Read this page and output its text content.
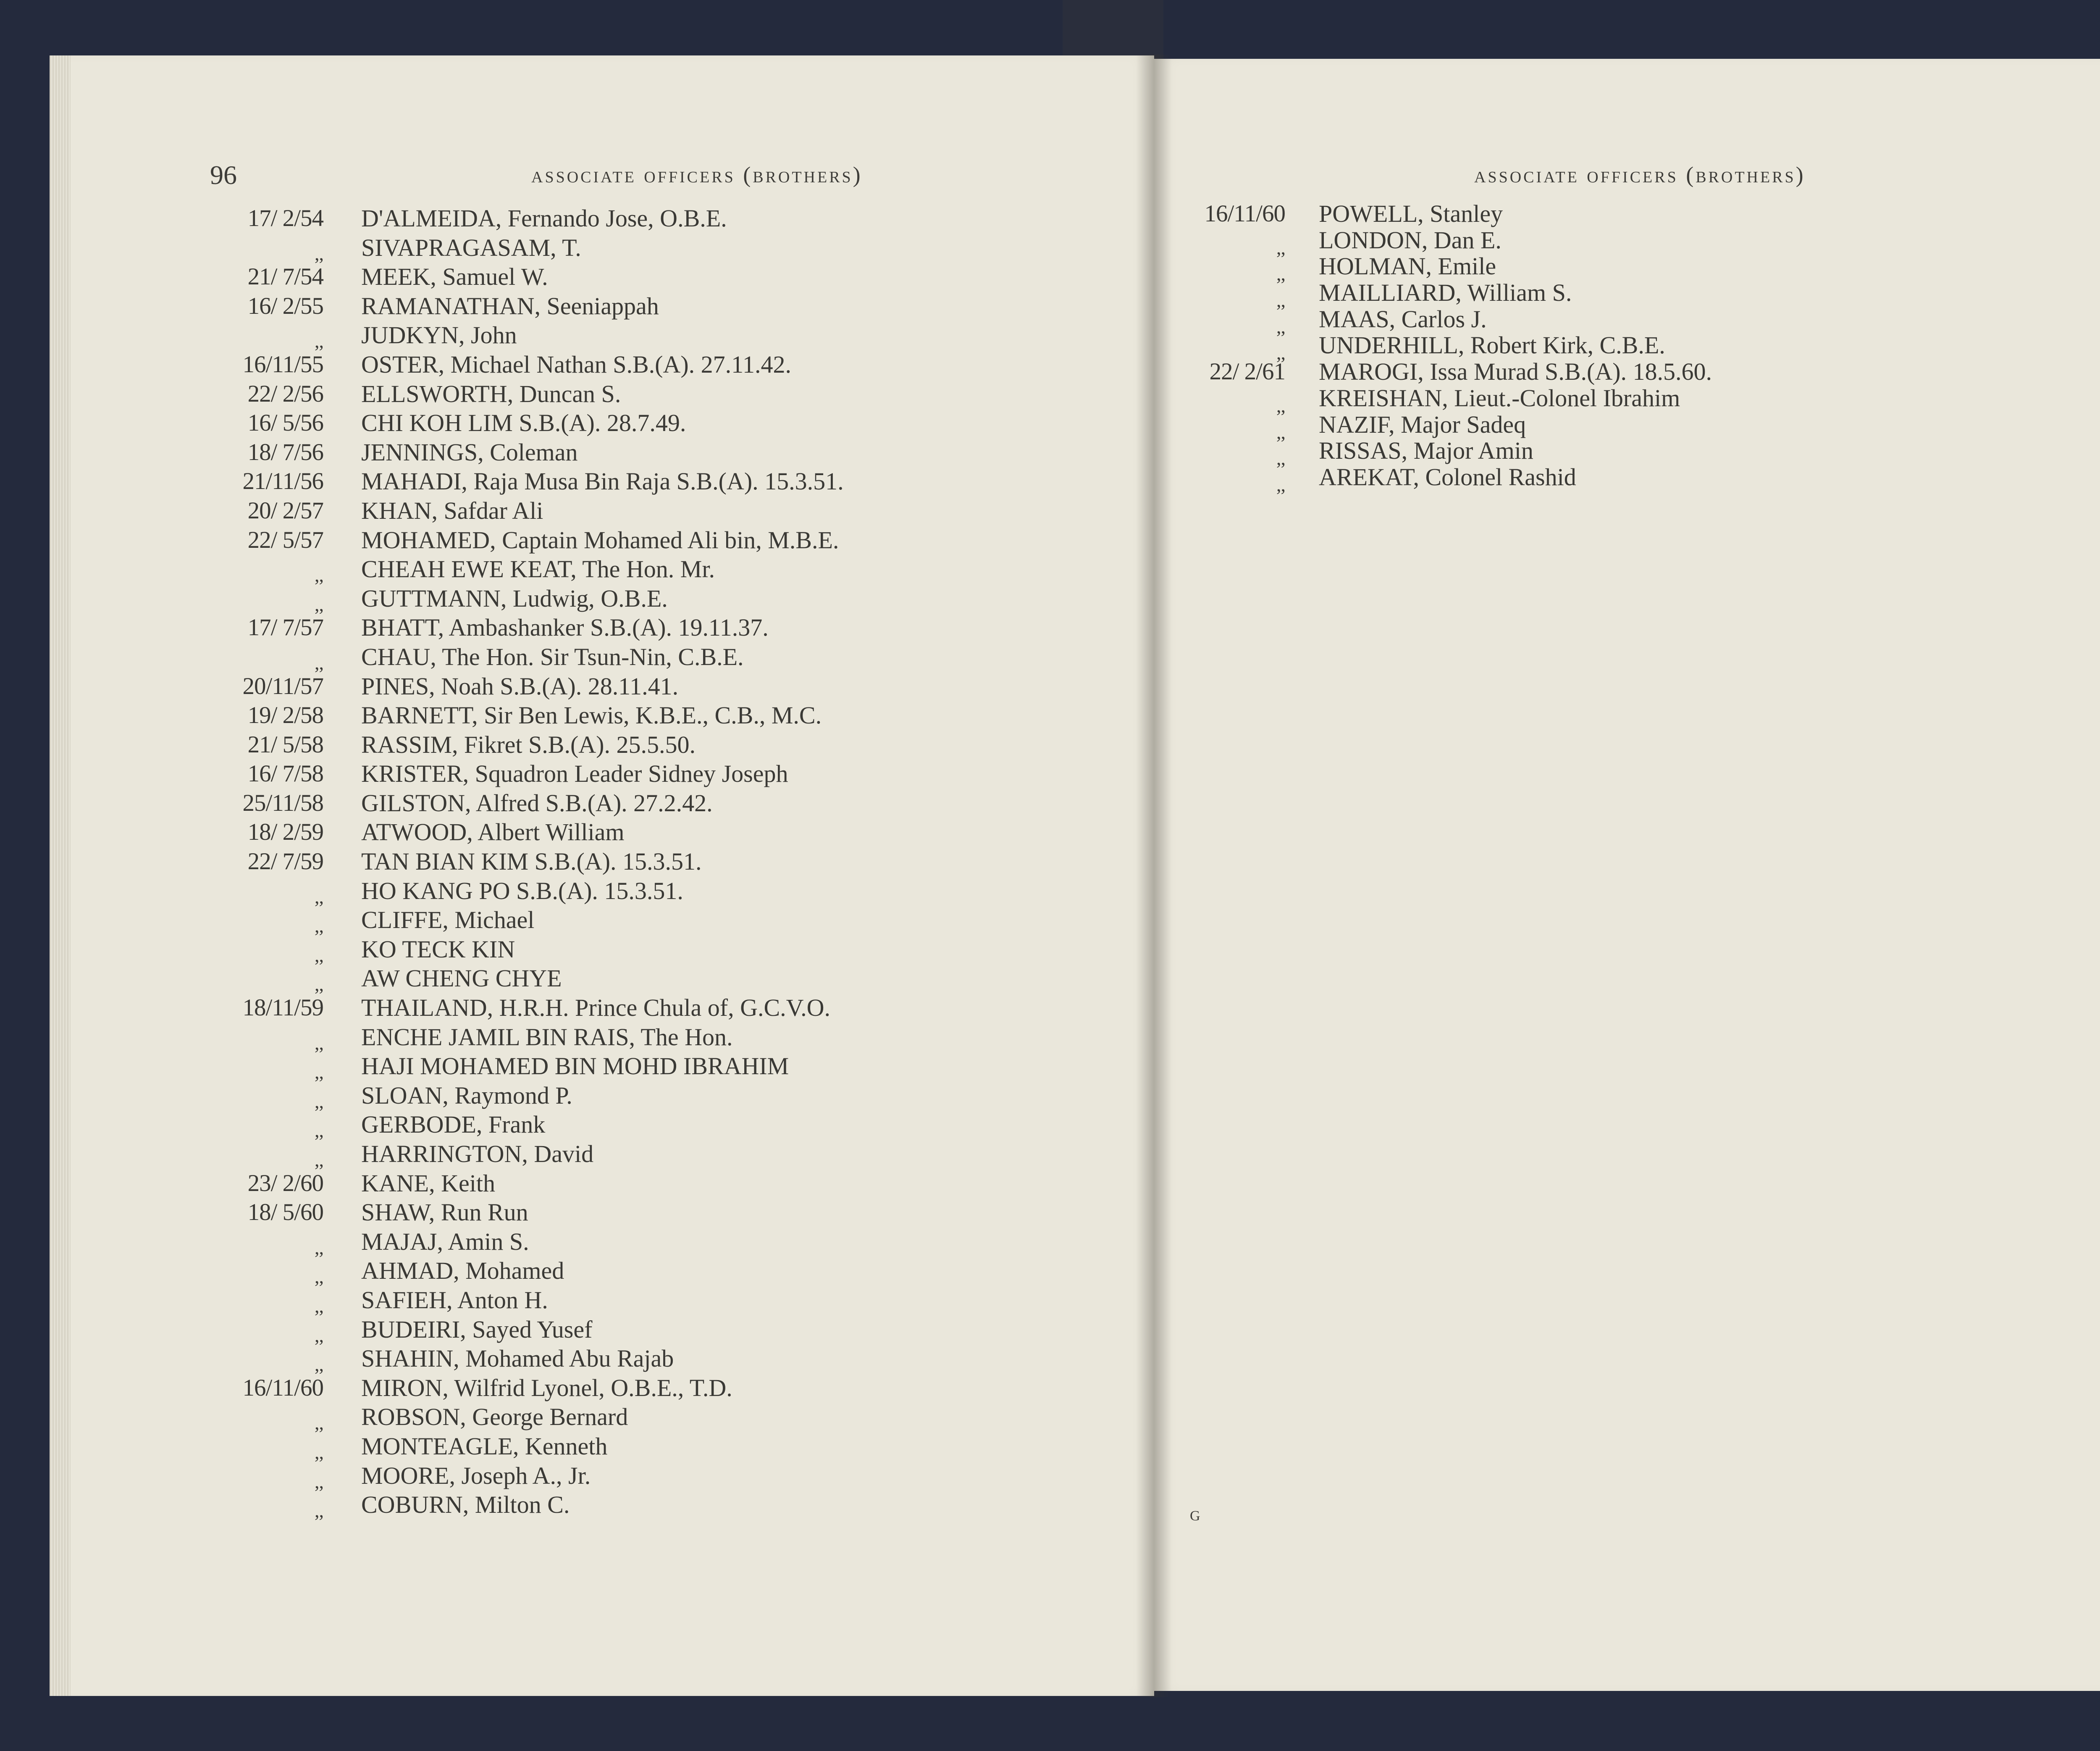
96	associate officers (brothers)	associate officers (brothers)
17/ 2/54 D'ALMEIDA, Fernando Jose, O.B.E.
,, SIVAPRAGASAM, T.
21/ 7/54 MEEK, Samuel W.
16/ 2/55 RAMANATHAN, Seeniappah
,, JUDKYN, John
16/11/55 OSTER, Michael Nathan S.B.(A). 27.11.42.
22/ 2/56 ELLSWORTH, Duncan S.
16/ 5/56 CHI KOH LIM S.B.(A). 28.7.49.
18/ 7/56 JENNINGS, Coleman
21/11/56 MAHADI, Raja Musa Bin Raja S.B.(A). 15.3.51.
20/ 2/57 KHAN, Safdar Ali
22/ 5/57 MOHAMED, Captain Mohamed Ali bin, M.B.E.
,, CHEAH EWE KEAT, The Hon. Mr.
,, GUTTMANN, Ludwig, O.B.E.
17/ 7/57 BHATT, Ambashanker S.B.(A). 19.11.37.
,, CHAU, The Hon. Sir Tsun-Nin, C.B.E.
20/11/57 PINES, Noah S.B.(A). 28.11.41.
19/ 2/58 BARNETT, Sir Ben Lewis, K.B.E., C.B., M.C.
21/ 5/58 RASSIM, Fikret S.B.(A). 25.5.50.
16/ 7/58 KRISTER, Squadron Leader Sidney Joseph
25/11/58 GILSTON, Alfred S.B.(A). 27.2.42.
18/ 2/59 ATWOOD, Albert William
22/ 7/59 TAN BIAN KIM S.B.(A). 15.3.51.
,, HO KANG PO S.B.(A). 15.3.51.
,, CLIFFE, Michael
,, KO TECK KIN
,, AW CHENG CHYE
18/11/59 THAILAND, H.R.H. Prince Chula of, G.C.V.O.
,, ENCHE JAMIL BIN RAIS, The Hon.
,, HAJI MOHAMED BIN MOHD IBRAHIM
,, SLOAN, Raymond P.
,, GERBODE, Frank
,, HARRINGTON, David
23/ 2/60 KANE, Keith
18/ 5/60 SHAW, Run Run
,, MAJAJ, Amin S.
,, AHMAD, Mohamed
,, SAFIEH, Anton H.
,, BUDEIRI, Sayed Yusef
,, SHAHIN, Mohamed Abu Rajab
16/11/60 MIRON, Wilfrid Lyonel, O.B.E., T.D.
,, ROBSON, George Bernard
,, MONTEAGLE, Kenneth
,, MOORE, Joseph A., Jr.
,, COBURN, Milton C.
16/11/60 POWELL, Stanley
,, LONDON, Dan E.
,, HOLMAN, Emile
,, MAILLIARD, William S.
,, MAAS, Carlos J.
,, UNDERHILL, Robert Kirk, C.B.E.
22/ 2/61 MAROGI, Issa Murad S.B.(A). 18.5.60.
,, KREISHAN, Lieut.-Colonel Ibrahim
,, NAZIF, Major Sadeq
,, RISSAS, Major Amin
,, AREKAT, Colonel Rashid
G
